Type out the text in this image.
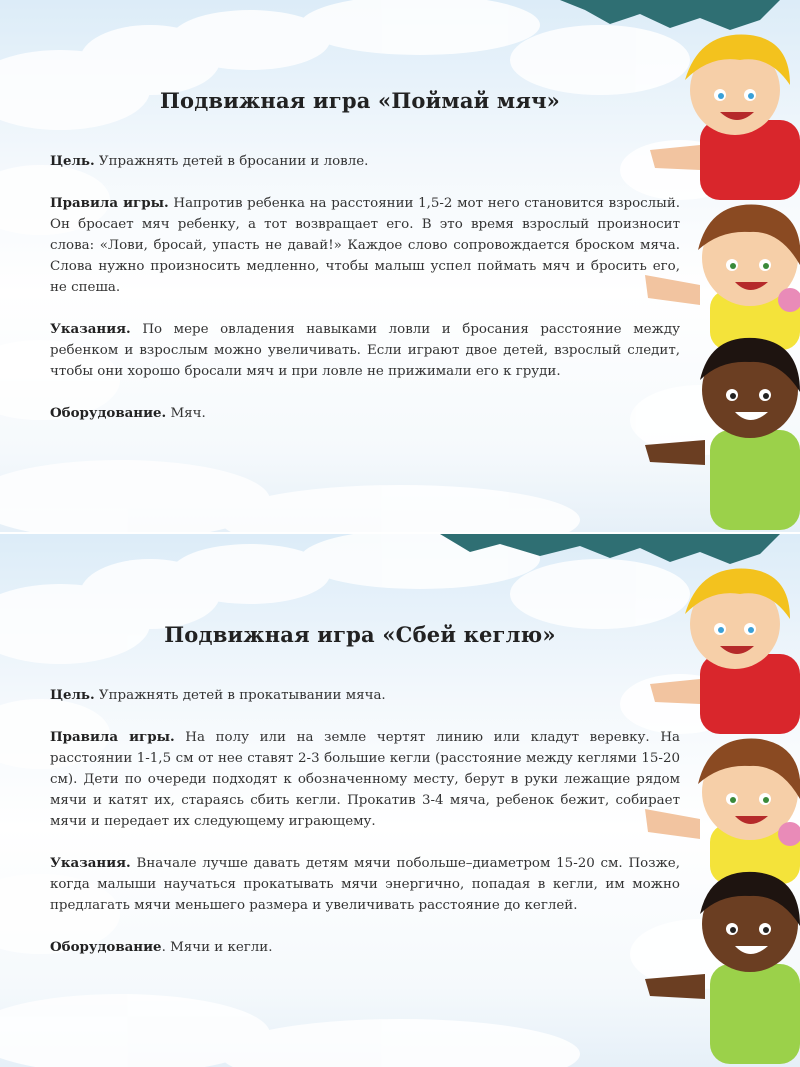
Подвижная игра «Поймай мяч»

Цель. Упражнять детей в бросании и ловле.

Правила игры. Напротив ребенка на расстоянии 1,5-2 мот него становится взрослый. Он бросает мяч ребенку, а тот возвращает его. В это время взрослый произносит слова: «Лови, бросай, упасть не давай!» Каждое слово сопровождается броском мяча. Слова нужно произносить медленно, чтобы малыш успел поймать мяч и бросить его, не спеша.

Указания. По мере овладения навыками ловли и бросания расстояние между ребенком и взрослым можно увеличивать. Если играют двое детей, взрослый следит, чтобы они хорошо бросали мяч и при ловле не прижимали его к груди.

Оборудование. Мяч.

Подвижная игра «Сбей кеглю»

Цель. Упражнять детей в прокатывании мяча.

Правила игры. На полу или на земле чертят линию или кладут веревку. На расстоянии 1-1,5 см от нее ставят 2-3 большие кегли (расстояние между кеглями 15-20 см). Дети по очереди подходят к обозначенному месту, берут в руки лежащие рядом мячи и катят их, стараясь сбить кегли. Прокатив 3-4 мяча, ребенок бежит, собирает мячи и передает их следующему играющему.

Указания. Вначале лучше давать детям мячи побольше–диаметром 15-20 см. Позже, когда малыши научаться прокатывать мячи энергично, попадая в кегли, им можно предлагать мячи меньшего размера и увеличивать расстояние до кеглей.

Оборудование. Мячи и кегли.
